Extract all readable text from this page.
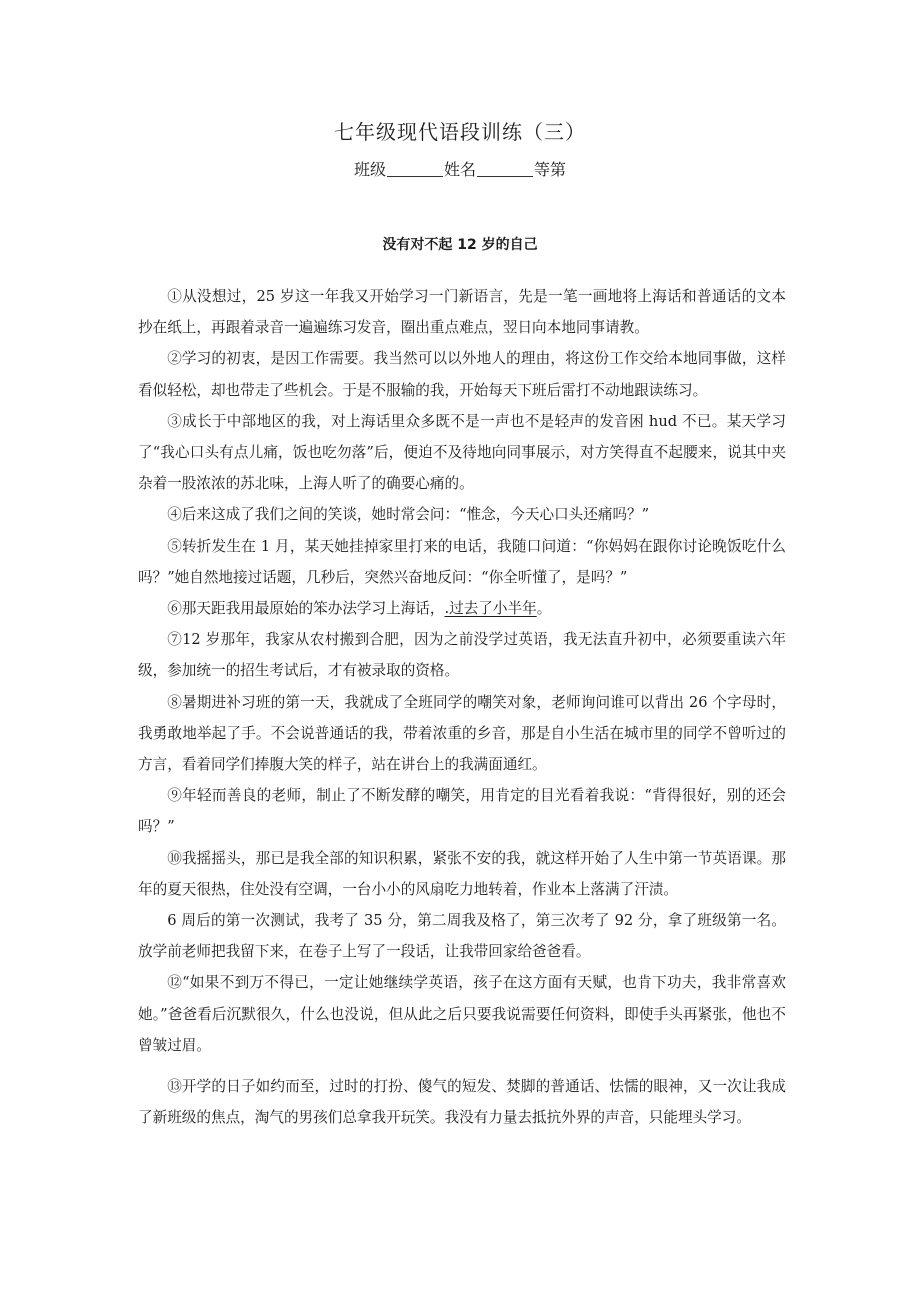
七年级现代语段训练（三）
班级	姓名	等第
没有对不起 12 岁的自己

①从没想过，25 岁这一年我又开始学习一门新语言，先是一笔一画地将上海话和普通话的文本抄在纸上，再跟着录音一遍遍练习发音，圈出重点难点，翌日向本地同事请教。

②学习的初衷，是因工作需要。我当然可以以外地人的理由，将这份工作交给本地同事做，这样看似轻松，却也带走了些机会。于是不服输的我，开始每天下班后雷打不动地跟读练习。

③成长于中部地区的我，对上海话里众多既不是一声也不是轻声的发音困 hud 不已。某天学习了“我心口头有点儿痛，饭也吃勿落”后，便迫不及待地向同事展示，对方笑得直不起腰来，说其中夹杂着一股浓浓的苏北味，上海人听了的确要心痛的。

④后来这成了我们之间的笑谈，她时常会问：“惟念，今天心口头还痛吗？”

⑤转折发生在 1 月，某天她挂掉家里打来的电话，我随口问道：“你妈妈在跟你讨论晚饭吃什么吗？”她自然地接过话题，几秒后，突然兴奋地反问：“你全听懂了，是吗？”

⑥那天距我用最原始的笨办法学习上海话，.过去了小半年。

⑦12 岁那年，我家从农村搬到合肥，因为之前没学过英语，我无法直升初中，必须要重读六年级，参加统一的招生考试后，才有被录取的资格。

⑧暑期进补习班的第一天，我就成了全班同学的嘲笑对象，老师询问谁可以背出 26 个字母时，我勇敢地举起了手。不会说普通话的我，带着浓重的乡音，那是自小生活在城市里的同学不曾听过的方言，看着同学们捧腹大笑的样子，站在讲台上的我满面通红。

⑨年轻而善良的老师，制止了不断发酵的嘲笑，用肯定的目光看着我说：“背得很好，别的还会吗？”

⑩我摇摇头，那已是我全部的知识积累，紧张不安的我，就这样开始了人生中第一节英语课。那年的夏天很热，住处没有空调，一台小小的风扇吃力地转着，作业本上落满了汗渍。

6 周后的第一次测试，我考了 35 分，第二周我及格了，第三次考了 92 分，拿了班级第一名。放学前老师把我留下来，在卷子上写了一段话，让我带回家给爸爸看。

⑫“如果不到万不得已，一定让她继续学英语，孩子在这方面有天赋，也肯下功夫，我非常喜欢她。”爸爸看后沉默很久，什么也没说，但从此之后只要我说需要任何资料，即使手头再紧张，他也不曾皱过眉。

⑬开学的日子如约而至，过时的打扮、傻气的短发、焚脚的普通话、怯懦的眼神，又一次让我成了新班级的焦点，淘气的男孩们总拿我开玩笑。我没有力量去抵抗外界的声音，只能埋头学习。
